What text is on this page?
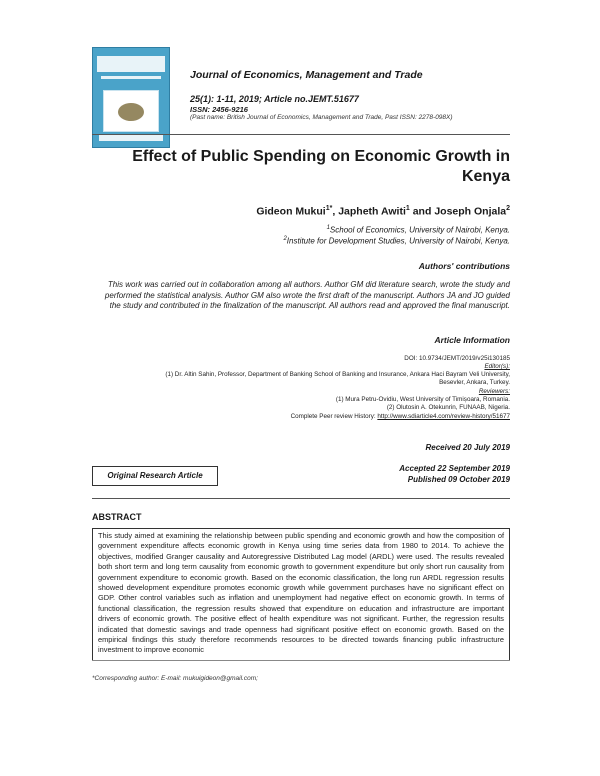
Journal of Economics, Management and Trade
25(1): 1-11, 2019; Article no.JEMT.51677
ISSN: 2456-9216
(Past name: British Journal of Economics, Management and Trade, Past ISSN: 2278-098X)
Effect of Public Spending on Economic Growth in Kenya
Gideon Mukui$^{1*}$, Japheth Awiti$^1$ and Joseph Onjala$^2$
$^1$School of Economics, University of Nairobi, Kenya.
$^2$Institute for Development Studies, University of Nairobi, Kenya.
Authors' contributions
This work was carried out in collaboration among all authors. Author GM did literature search, wrote the study and performed the statistical analysis. Author GM also wrote the first draft of the manuscript. Authors JA and JO guided the study and contributed in the finalization of the manuscript. All authors read and approved the final manuscript.
Article Information
DOI: 10.9734/JEMT/2019/v25i130185
Editor(s):
(1) Dr. Altin Sahin, Professor, Department of Banking School of Banking and Insurance, Ankara Haci Bayram Veli University,
Besevler, Ankara, Turkey.
Reviewers:
(1) Mura Petru-Ovidiu, West University of Timișoara, Romania.
(2) Olutosin A. Otekunrin, FUNAAB, Nigeria.
Complete Peer review History: http://www.sdiarticle4.com/review-history/51677
Received 20 July 2019
Original Research Article
Accepted 22 September 2019
Published 09 October 2019
ABSTRACT
This study aimed at examining the relationship between public spending and economic growth and how the composition of government expenditure affects economic growth in Kenya using time series data from 1980 to 2014. To achieve the objectives, modified Granger causality and Autoregressive Distributed Lag model (ARDL) were used. The results revealed both short term and long term causality from economic growth to government expenditure but only short run causality from government expenditure to economic growth. Based on the economic classification, the long run ARDL regression results showed development expenditure promotes economic growth while government purchases have no significant effect on GDP. Other control variables such as inflation and unemployment had negative effect on economic growth. In terms of functional classification, the regression results showed that expenditure on education and infrastructure are important drivers of economic growth. The positive effect of health expenditure was not significant. Further, the regression results indicated that domestic savings and trade openness had significant positive effect on economic growth. Based on the empirical findings this study therefore recommends resources to be directed towards financing public infrastructure investment to improve economic
*Corresponding author: E-mail: mukuigideon@gmail.com;
